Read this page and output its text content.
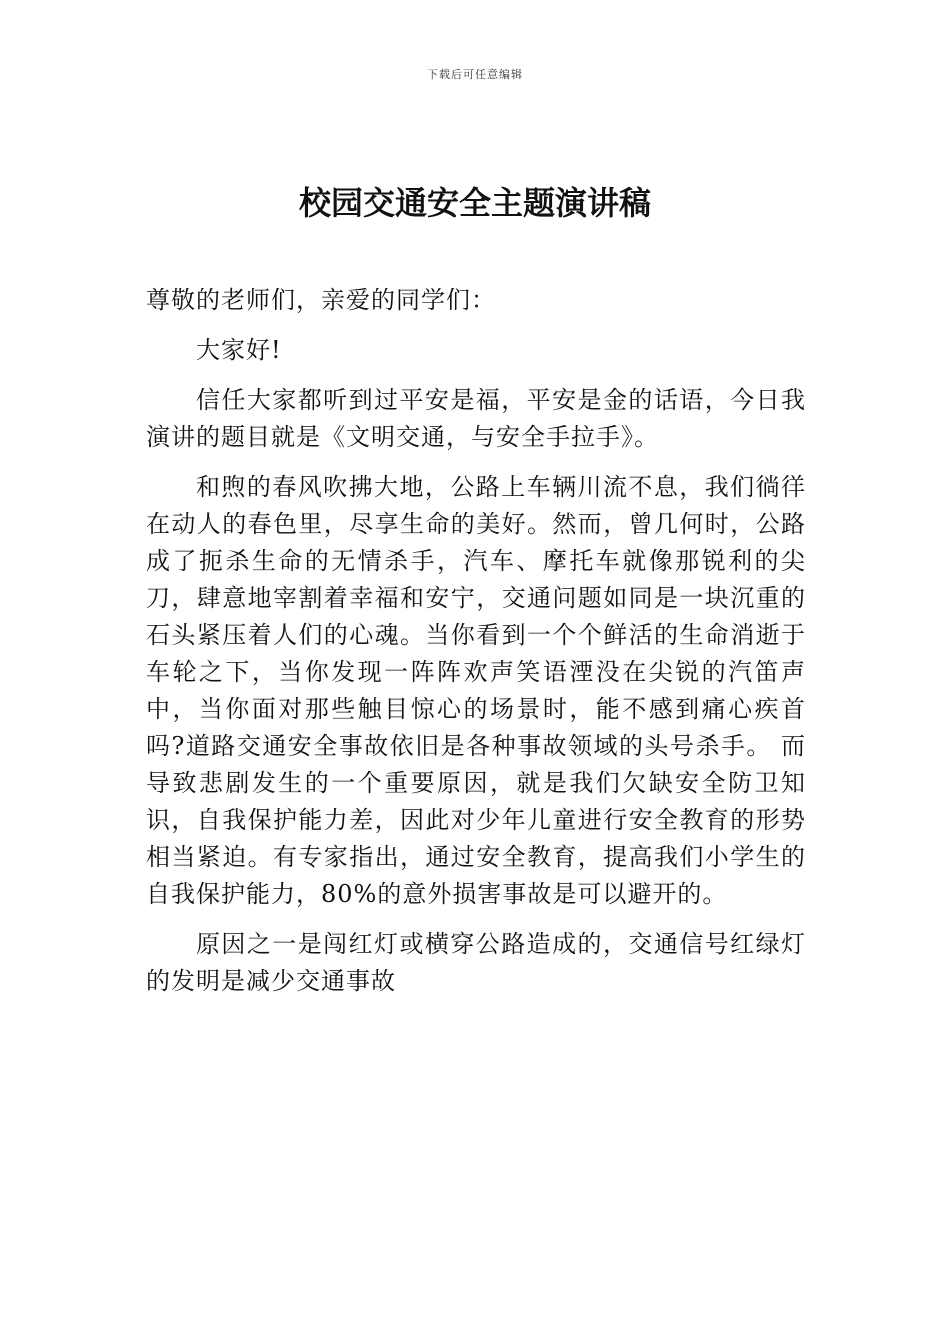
下载后可任意编辑
校园交通安全主题演讲稿

尊敬的老师们，亲爱的同学们：

大家好!

信任大家都听到过平安是福，平安是金的话语，今日我演讲的题目就是《文明交通，与安全手拉手》。

和煦的春风吹拂大地，公路上车辆川流不息，我们徜徉在动人的春色里，尽享生命的美好。然而，曾几何时，公路成了扼杀生命的无情杀手，汽车、摩托车就像那锐利的尖刀，肆意地宰割着幸福和安宁，交通问题如同是一块沉重的石头紧压着人们的心魂。当你看到一个个鲜活的生命消逝于车轮之下，当你发现一阵阵欢声笑语湮没在尖锐的汽笛声中，当你面对那些触目惊心的场景时，能不感到痛心疾首吗?道路交通安全事故依旧是各种事故领域的头号杀手。 而导致悲剧发生的一个重要原因，就是我们欠缺安全防卫知识，自我保护能力差，因此对少年儿童进行安全教育的形势相当紧迫。有专家指出，通过安全教育，提高我们小学生的自我保护能力，80%的意外损害事故是可以避开的。

原因之一是闯红灯或横穿公路造成的，交通信号红绿灯的发明是减少交通事故
